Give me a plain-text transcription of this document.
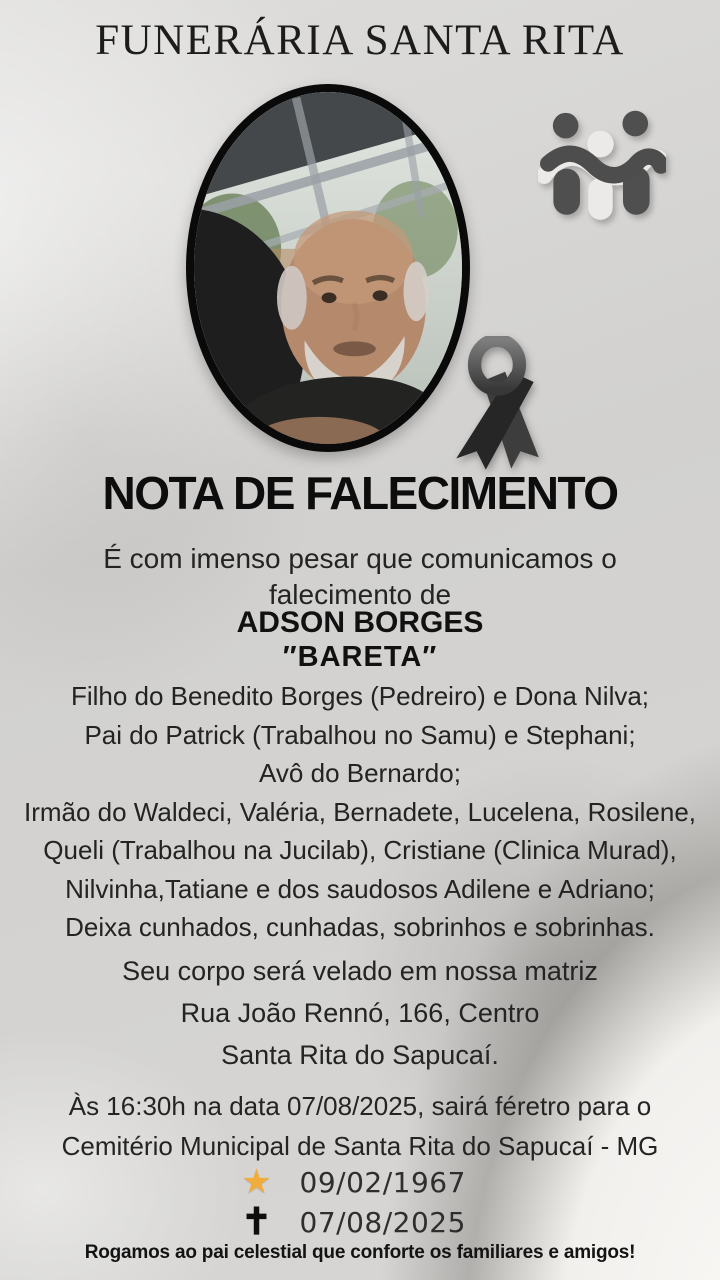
FUNERÁRIA SANTA RITA
NOTA DE FALECIMENTO
É com imenso pesar que comunicamos o
falecimento de
ADSON BORGES
″BARETA″
Filho do Benedito Borges (Pedreiro) e Dona Nilva;
Pai do Patrick (Trabalhou no Samu) e Stephani;
Avô do Bernardo;
Irmão do Waldeci, Valéria, Bernadete, Lucelena, Rosilene,
Queli (Trabalhou na Jucilab), Cristiane (Clinica Murad),
Nilvinha,Tatiane e dos saudosos Adilene e Adriano;
Deixa cunhados, cunhadas, sobrinhos e sobrinhas.
Seu corpo será velado em nossa matriz
Rua João Rennó, 166, Centro
Santa Rita do Sapucaí.
Às 16:30h na data 07/08/2025, sairá féretro para o
Cemitério Municipal de Santa Rita do Sapucaí - MG
★ 09/02/1967
✝ 07/08/2025
Rogamos ao pai celestial que conforte os familiares e amigos!
